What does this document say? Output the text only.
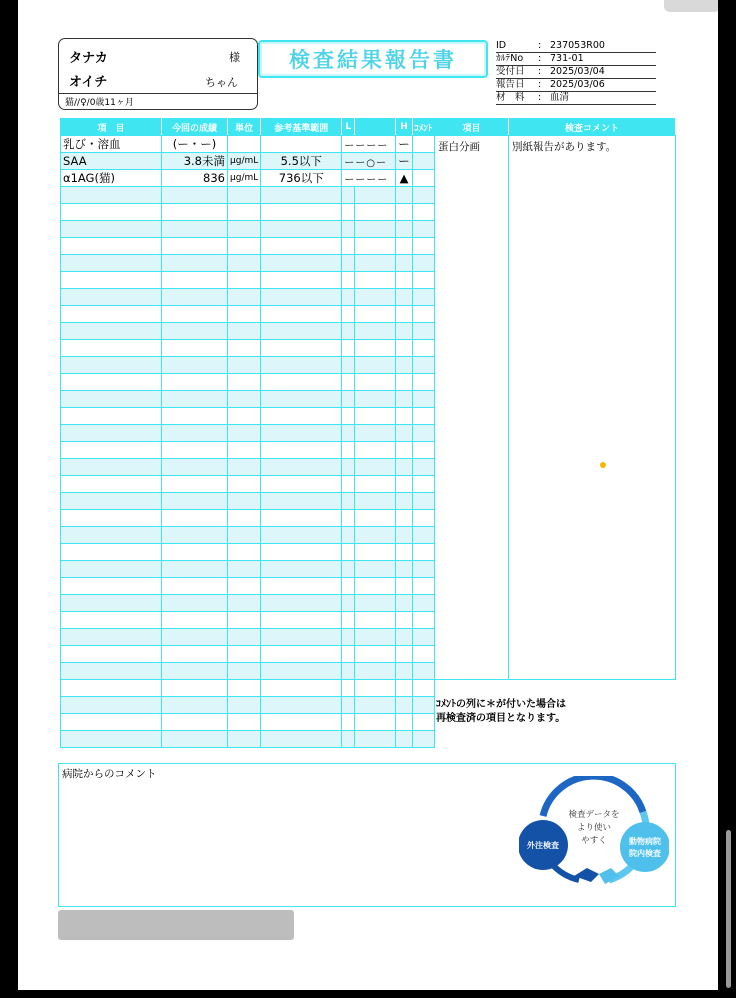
タナカ	様
オイチ	ちゃん
猫//♀/0歳11ヶ月
検査結果報告書
ID	: 237053R00
ｶﾙﾃNo	: 731-01
受付日	: 2025/03/04
報告日	: 2025/03/06
材　料	: 血清
項　目	今回の成績	単位	参考基準範囲	L		H	ｺﾒﾝﾄ
乳び・溶血	(ー・ー)			ーーーー		ー	
SAA	3.8未満	μg/mL	5.5以下	ーー○ー		ー	
α1AG(猫)	836	μg/mL	736以下	ーーーー		▲	

項目	検査コメント
蛋白分画	別紙報告があります。
ｺﾒﾝﾄの列に＊が付いた場合は
再検査済の項目となります。
病院からのコメント
検査データを
より使い
やすく
外注検査	動物病院
院内検査
